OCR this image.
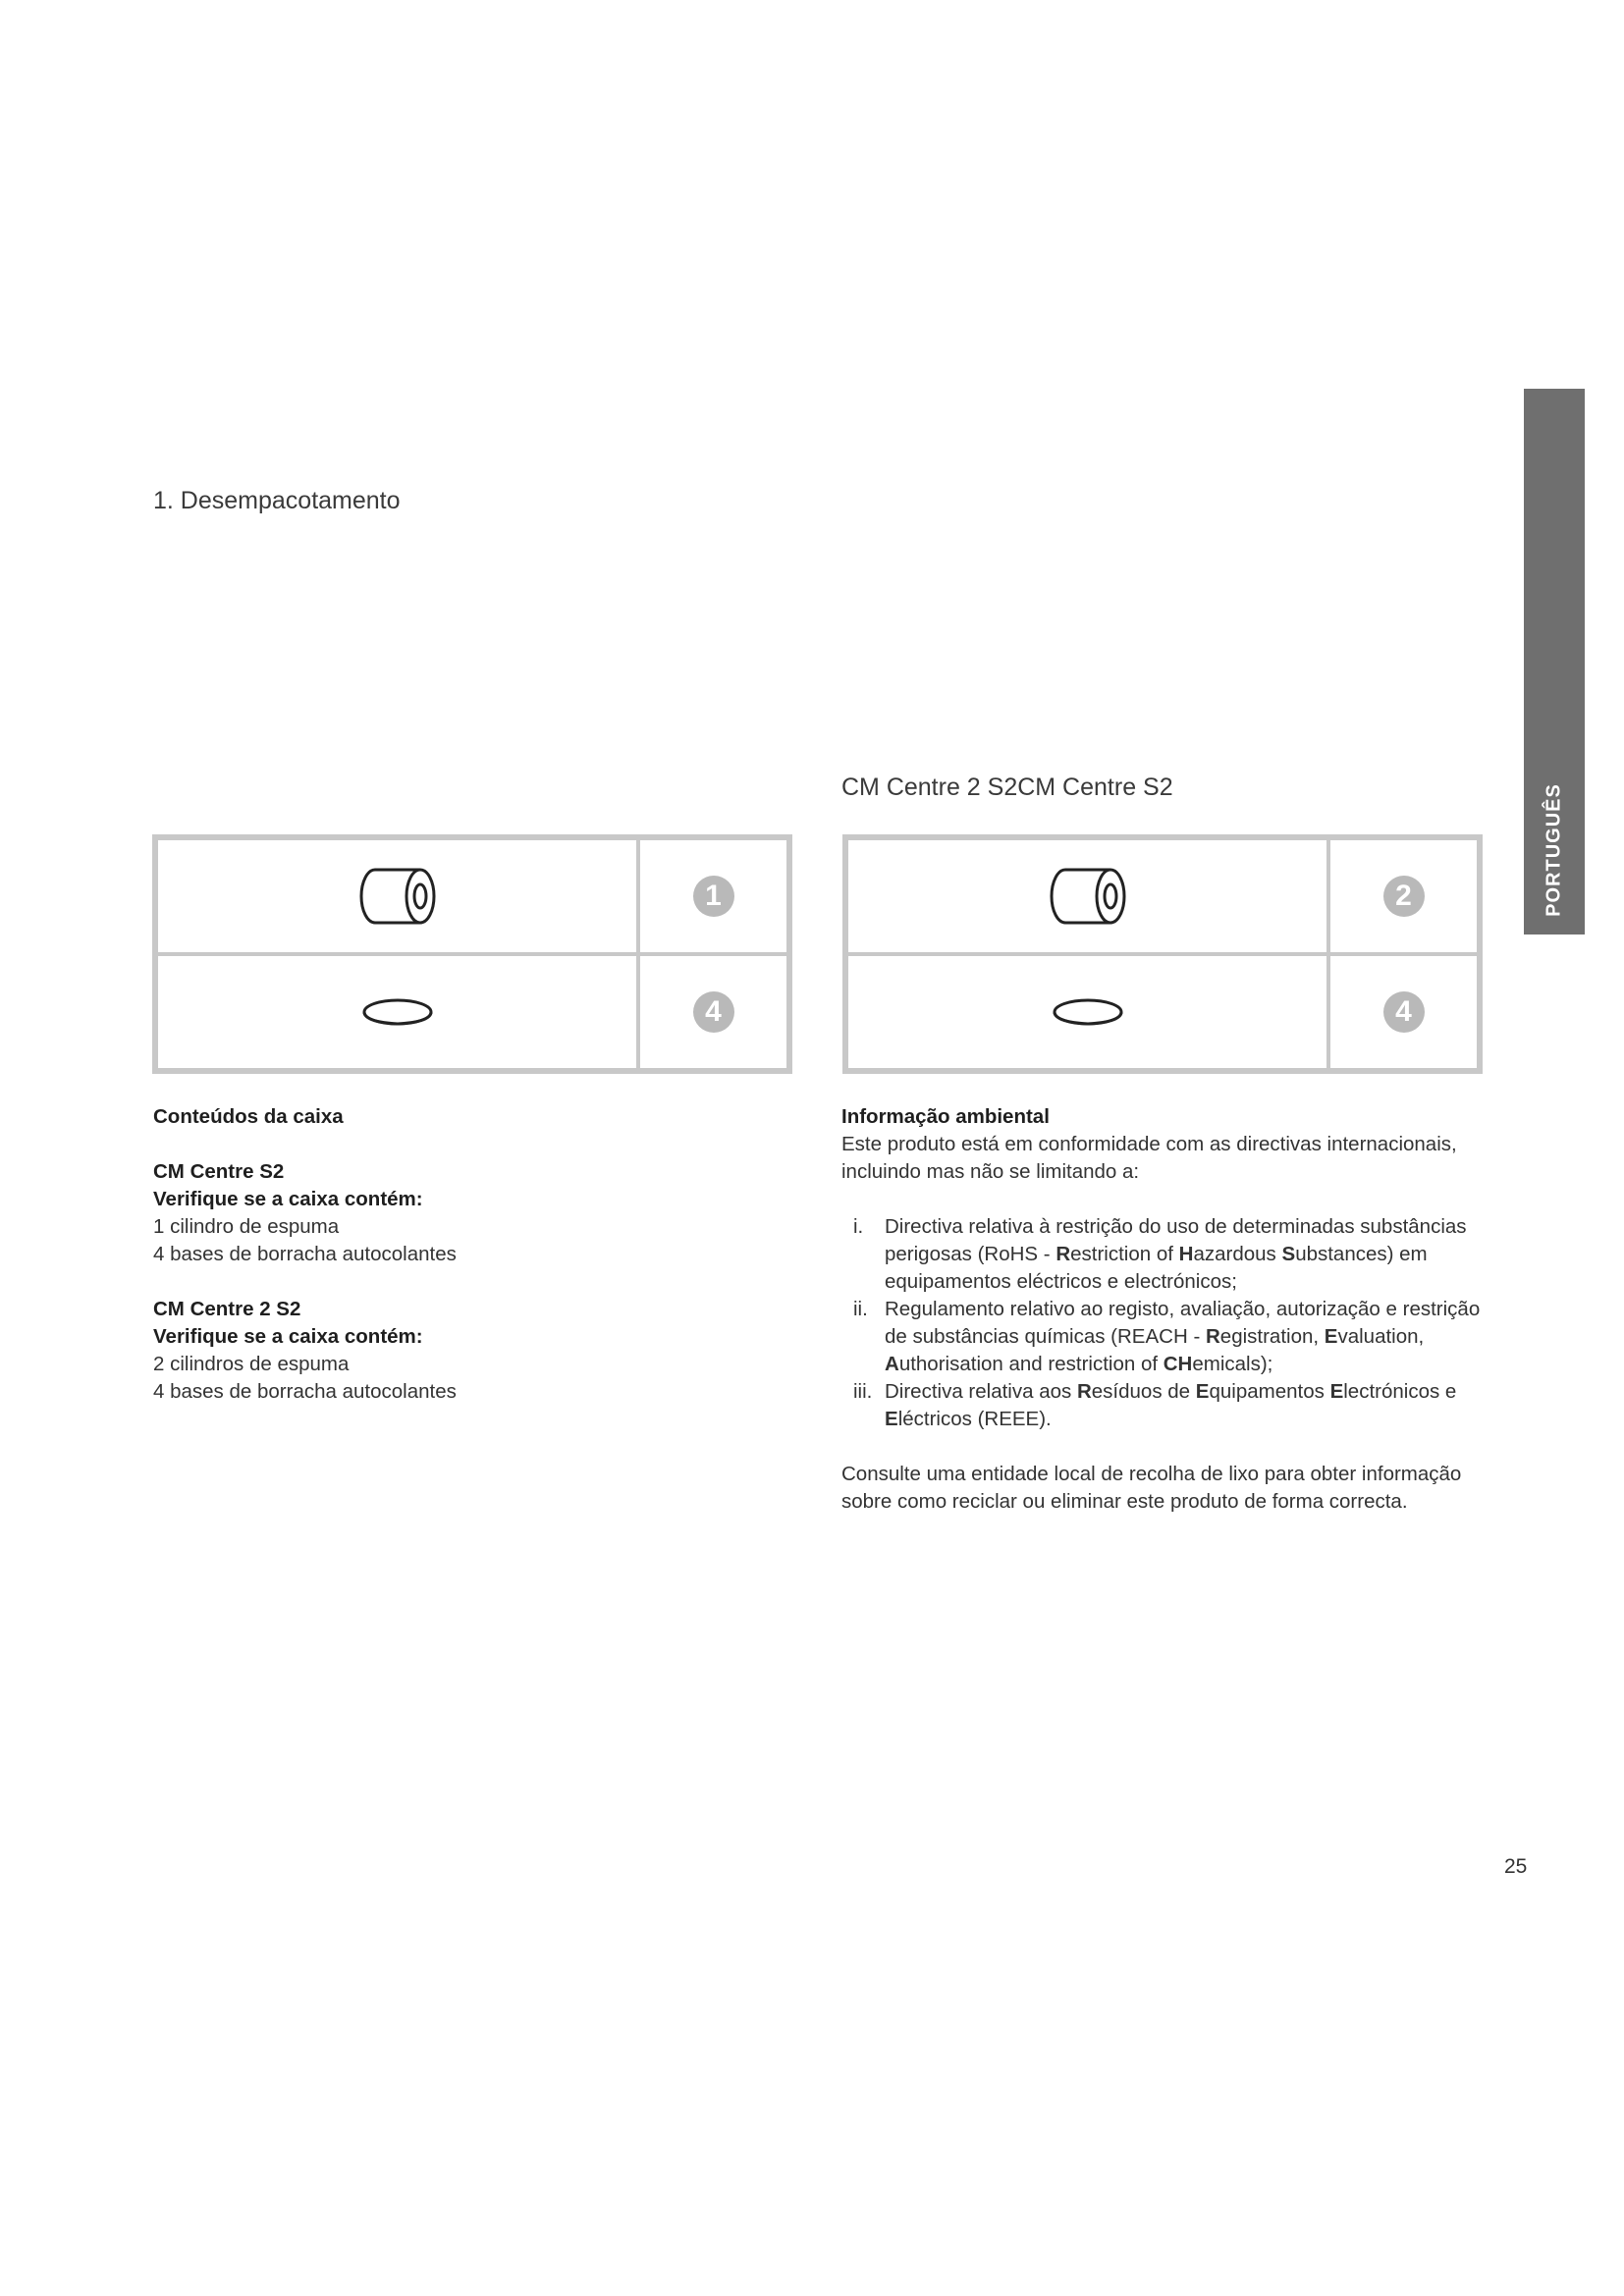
1. Desempacotamento
PORTUGUÊS
CM Centre 2 S2CM Centre S2
1
4
2
4

Conteúdos da caixa

CM Centre S2

Verifique se a caixa contém:

1 cilindro de espuma

4 bases de borracha autocolantes

CM Centre 2 S2

Verifique se a caixa contém:

2 cilindros de espuma

4 bases de borracha autocolantes

Informação ambiental

Este produto está em conformidade com as directivas internacionais, incluindo mas não se limitando a:

i. Directiva relativa à restrição do uso de determinadas substâncias perigosas (RoHS - Restriction of Hazardous Substances) em equipamentos eléctricos e electrónicos;

ii. Regulamento relativo ao registo, avaliação, autorização e restrição de substâncias químicas (REACH - Registration, Evaluation, Authorisation and restriction of CHemicals);

iii. Directiva relativa aos Resíduos de Equipamentos Electrónicos e Eléctricos (REEE).

Consulte uma entidade local de recolha de lixo para obter informação sobre como reciclar ou eliminar este produto de forma correcta.

25
